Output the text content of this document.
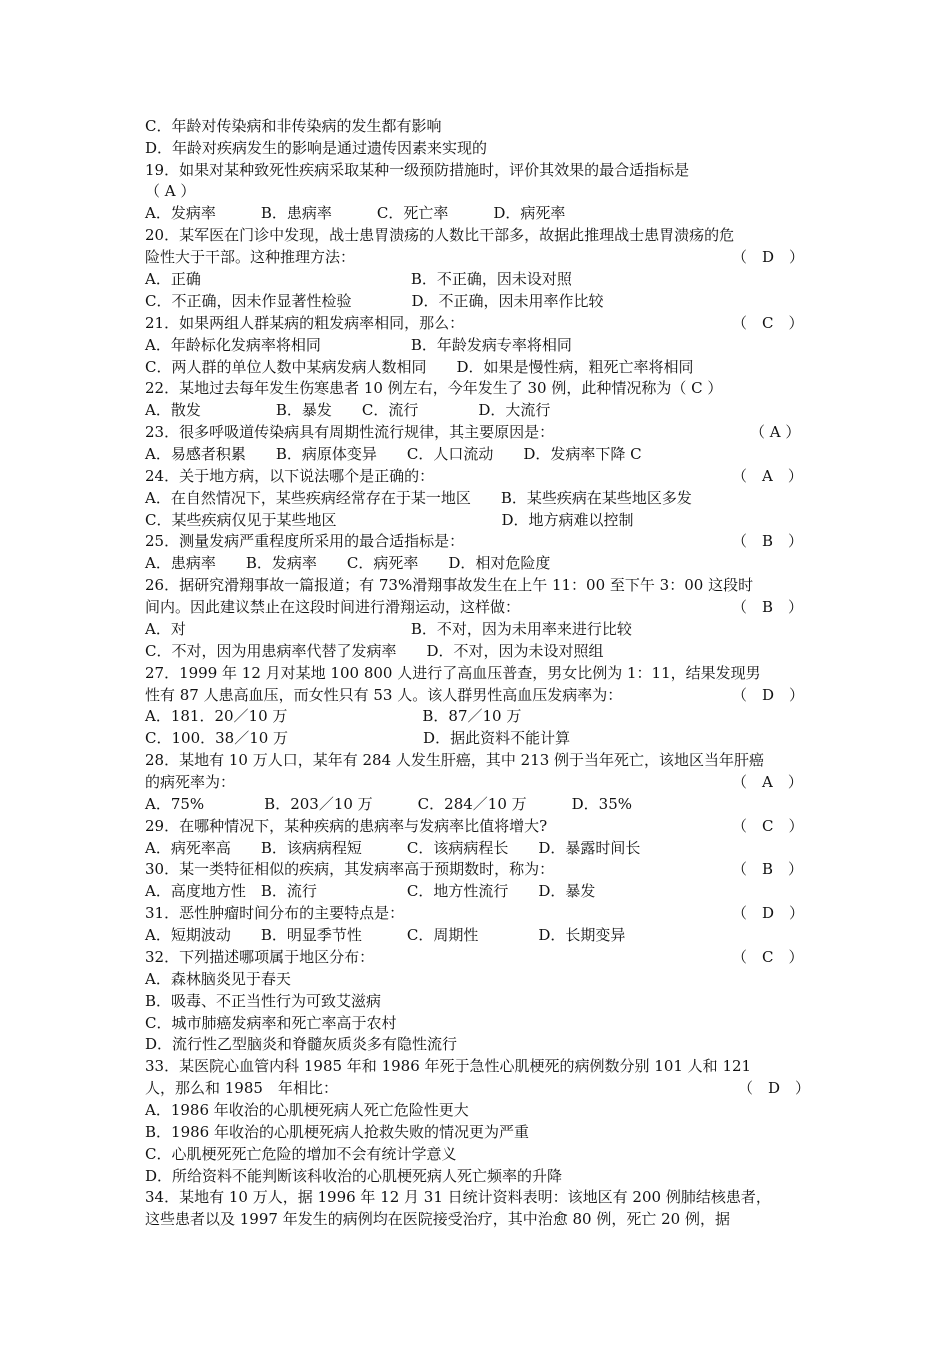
C．年龄对传染病和非传染病的发生都有影响

D．年龄对疾病发生的影响是通过遗传因素来实现的

19．如果对某种致死性疾病采取某种一级预防措施时，评价其效果的最合适指标是

（ A ）

A．发病率　　　B．患病率　　　C．死亡率　　　D．病死率

20．某军医在门诊中发现，战士患胃溃疡的人数比干部多，故据此推理战士患胃溃疡的危

险性大于干部。这种推理方法：	（　D　）

A．正确　　　　　　　　　　　　　　B．不正确，因未设对照

C．不正确，因未作显著性检验　　　　D．不正确，因未用率作比较

21．如果两组人群某病的粗发病率相同，那么：	（　C　）

A．年龄标化发病率将相同　　　　　　B．年龄发病专率将相同

C．两人群的单位人数中某病发病人数相同　　D．如果是慢性病，粗死亡率将相同

22．某地过去每年发生伤寒患者 10 例左右，今年发生了 30 例，此种情况称为（ C ）

A．散发　　　　　B．暴发　　C．流行　　　　D．大流行

23．很多呼吸道传染病具有周期性流行规律，其主要原因是：	（ A ）

A．易感者积累　　B．病原体变异　　C．人口流动　　D．发病率下降 C

24．关于地方病，以下说法哪个是正确的：	（　A　）

A．在自然情况下，某些疾病经常存在于某一地区　　B．某些疾病在某些地区多发

C．某些疾病仅见于某些地区　　　　　　　　　　　D．地方病难以控制

25．测量发病严重程度所采用的最合适指标是：	（　B　）

A．患病率　　B．发病率　　C．病死率　　D．相对危险度

26．据研究滑翔事故一篇报道；有 73%滑翔事故发生在上午 11：00 至下午 3：00 这段时

间内。因此建议禁止在这段时间进行滑翔运动，这样做：	（　B　）

A．对　　　　　　　　　　　　　　　B．不对，因为未用率来进行比较

C．不对，因为用患病率代替了发病率　　D．不对，因为未设对照组

27．1999 年 12 月对某地 100 800 人进行了高血压普查，男女比例为 1：11，结果发现男

性有 87 人患高血压，而女性只有 53 人。该人群男性高血压发病率为：	（　D　）

A．181．20／10 万　　　　　　　　　B．87／10 万

C．100．38／10 万　　　　　　　　　D．据此资料不能计算

28．某地有 10 万人口，某年有 284 人发生肝癌，其中 213 例于当年死亡，该地区当年肝癌

的病死率为：	（　A　）

A．75%　　　　B．203／10 万　　　C．284／10 万　　　D．35%

29．在哪种情况下，某种疾病的患病率与发病率比值将增大?	（　C　）

A．病死率高　　B．该病病程短　　　C．该病病程长　　D．暴露时间长

30．某一类特征相似的疾病，其发病率高于预期数时，称为：	（　B　）

A．高度地方性　B．流行　　　　　　C．地方性流行　　D．暴发

31．恶性肿瘤时间分布的主要特点是：	（　D　）

A．短期波动　　B．明显季节性　　　C．周期性　　　　D．长期变异

32．下列描述哪项属于地区分布：	（　C　）

A．森林脑炎见于春天

B．吸毒、不正当性行为可致艾滋病

C．城市肺癌发病率和死亡率高于农村

D．流行性乙型脑炎和脊髓灰质炎多有隐性流行

33．某医院心血管内科 1985 年和 1986 年死于急性心肌梗死的病例数分别 101 人和 121

人，那么和 1985　年相比：	（　D　）

A．1986 年收治的心肌梗死病人死亡危险性更大

B．1986 年收治的心肌梗死病人抢救失败的情况更为严重

C．心肌梗死死亡危险的增加不会有统计学意义

D．所给资料不能判断该科收治的心肌梗死病人死亡频率的升降

34．某地有 10 万人，据 1996 年 12 月 31 日统计资料表明：该地区有 200 例肺结核患者，

这些患者以及 1997 年发生的病例均在医院接受治疗，其中治愈 80 例，死亡 20 例，据
